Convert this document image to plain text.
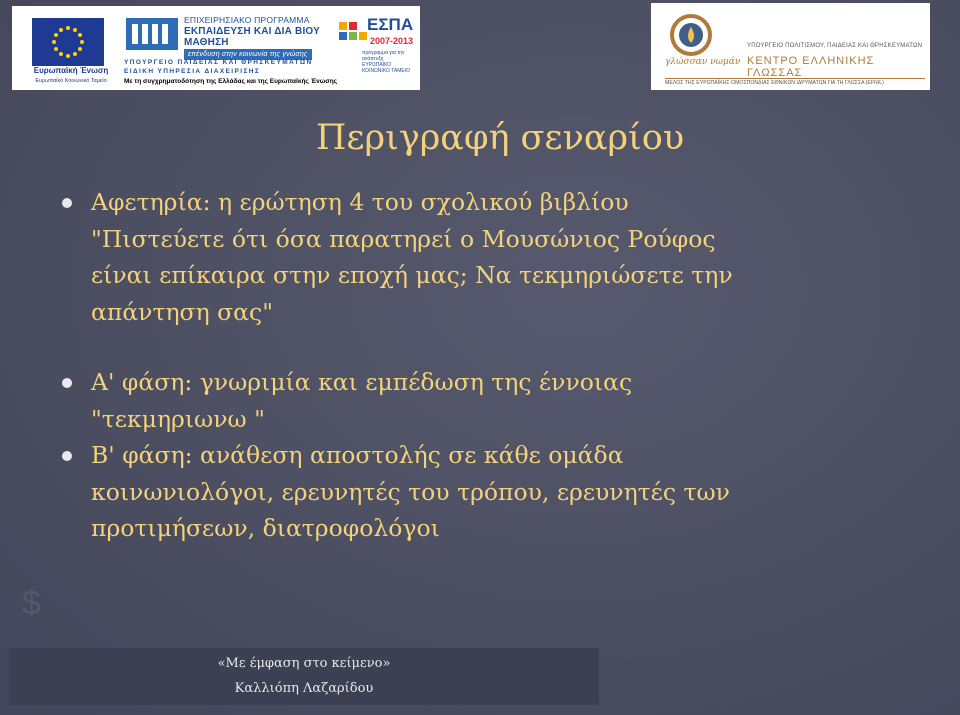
Ευρωπαϊκή Ένωση
Ευρωπαϊκό Κοινωνικό Ταμείο
ΕΠΙΧΕΙΡΗΣΙΑΚΟ ΠΡΟΓΡΑΜΜΑ
ΕΚΠΑΙΔΕΥΣΗ ΚΑΙ ΔΙΑ ΒΙΟΥ ΜΑΘΗΣΗ
επένδυση στην κοινωνία της γνώσης
ΥΠΟΥΡΓΕΙΟ ΠΑΙΔΕΙΑΣ ΚΑΙ ΘΡΗΣΚΕΥΜΑΤΩΝ
ΕΙΔΙΚΗ ΥΠΗΡΕΣΙΑ ΔΙΑΧΕΙΡΙΣΗΣ
Με τη συγχρηματοδότηση της Ελλάδας και της Ευρωπαϊκής Ένωσης
ΕΣΠΑ
2007-2013
πρόγραμμα για την ανάπτυξη
ΕΥΡΩΠΑΪΚΟ ΚΟΙΝΩΝΙΚΟ ΤΑΜΕΙΟ
γλώσσαν νωμάν
ΥΠΟΥΡΓΕΙΟ ΠΟΛΙΤΙΣΜΟΥ, ΠΑΙΔΕΙΑΣ ΚΑΙ ΘΡΗΣΚΕΥΜΑΤΩΝ
ΚΕΝΤΡΟ ΕΛΛΗΝΙΚΗΣ ΓΛΩΣΣΑΣ
ΜΕΛΟΣ ΤΗΣ ΕΥΡΩΠΑΪΚΗΣ ΟΜΟΣΠΟΝΔΙΑΣ ΕΘΝΙΚΩΝ ΙΔΡΥΜΑΤΩΝ ΓΙΑ ΤΗ ΓΛΩΣΣΑ (EFNIL)
Περιγραφή σεναρίου
Αφετηρία: η ερώτηση 4 του σχολικού βιβλίου
"Πιστεύετε ότι όσα παρατηρεί ο Μουσώνιος Ρούφος
είναι επίκαιρα στην εποχή μας; Να τεκμηριώσετε την
απάντηση σας"
Α' φάση: γνωριμία και εμπέδωση της έννοιας
"τεκμηριωνω "
Β' φάση: ανάθεση αποστολής σε κάθε ομάδα
κοινωνιολόγοι, ερευνητές του τρόπου, ερευνητές των
προτιμήσεων, διατροφολόγοι
$
«Με έμφαση στο κείμενο»
Καλλιόπη Λαζαρίδου
